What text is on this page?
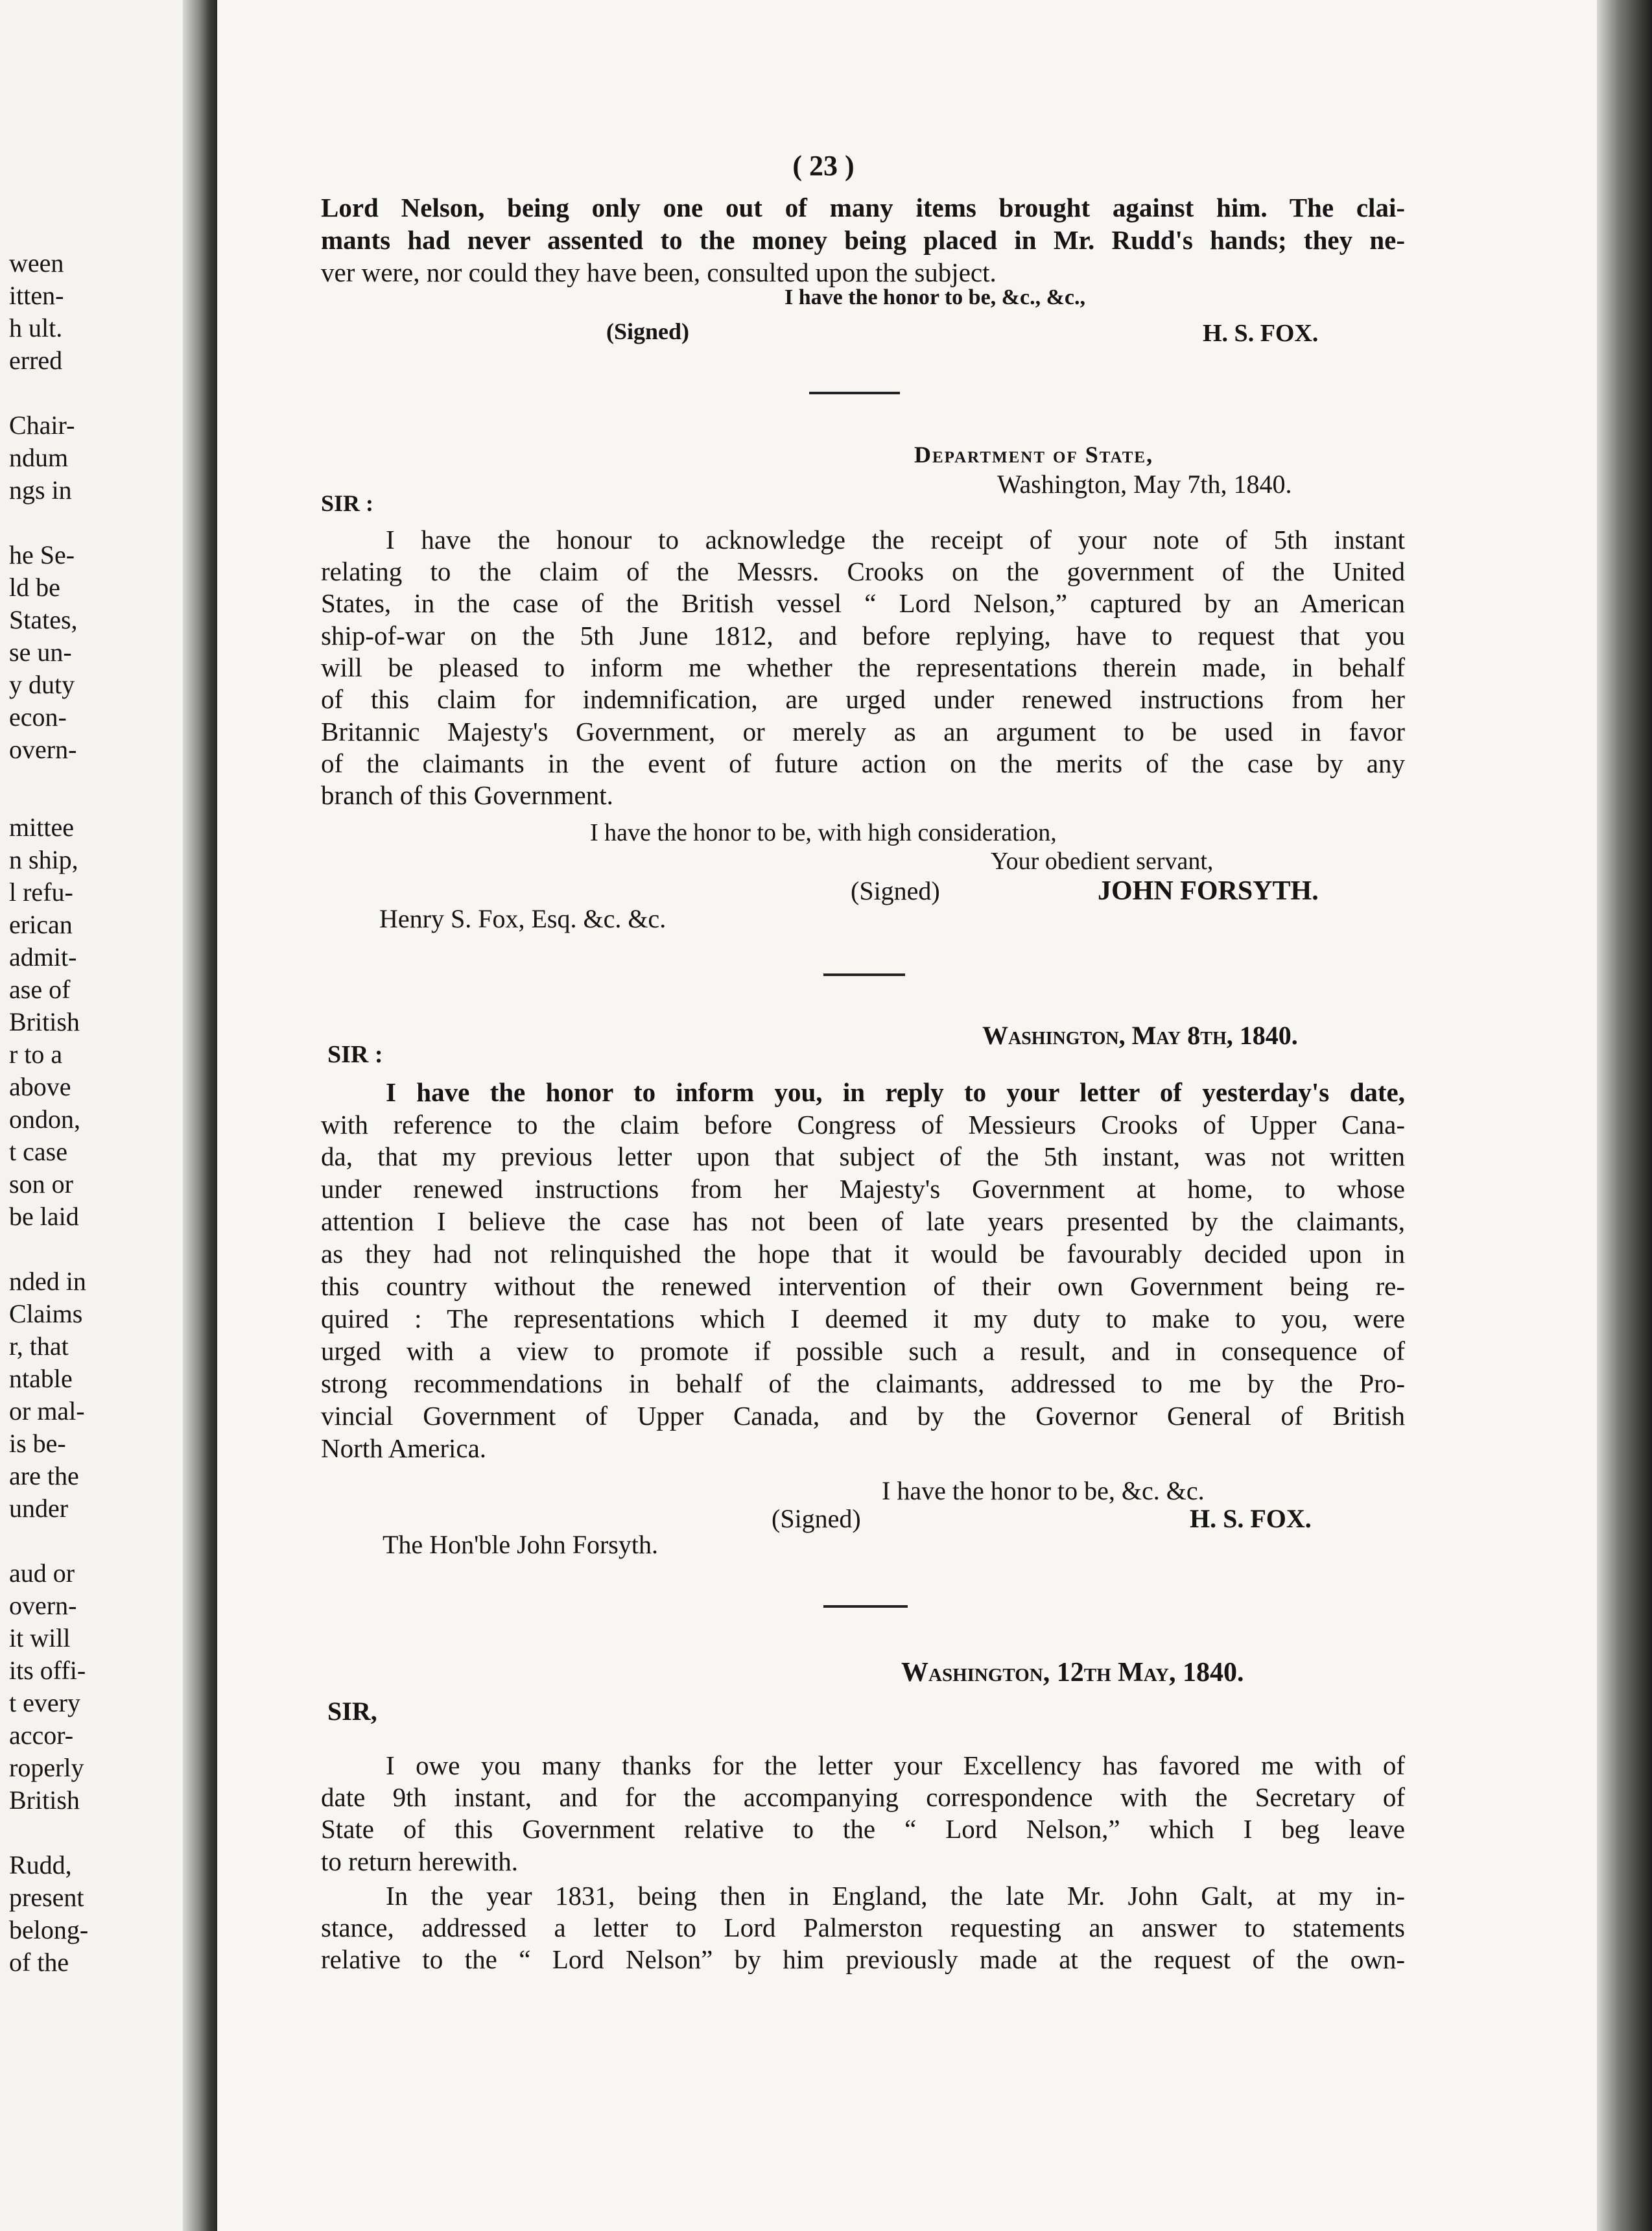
ween
itten-
h ult.
erred
Chair-
ndum
ngs in
he Se-
ld be
States,
se un-
y duty
econ-
overn-
mittee
n ship,
l refu-
erican
admit-
ase of
British
r to a
above
ondon,
t case
son or
be laid
nded in
Claims
r, that
ntable
or mal-
is be-
are the
under
aud or
overn-
it will
its offi-
t every
accor-
roperly
British
Rudd,
present
belong-
of the
( 23 )
Lord Nelson, being only one out of many items brought against him. The clai-
mants had never assented to the money being placed in Mr. Rudd's hands; they ne-
ver were, nor could they have been, consulted upon the subject.
I have the honor to be, &c., &c.,
(Signed)	H. S. FOX.
Department of State,
Washington, May 7th, 1840.
SIR :
I have the honour to acknowledge the receipt of your note of 5th instant
relating to the claim of the Messrs. Crooks on the government of the United
States, in the case of the British vessel “ Lord Nelson,” captured by an American
ship-of-war on the 5th June 1812, and before replying, have to request that you
will be pleased to inform me whether the representations therein made, in behalf
of this claim for indemnification, are urged under renewed instructions from her
Britannic Majesty's Government, or merely as an argument to be used in favor
of the claimants in the event of future action on the merits of the case by any
branch of this Government.
I have the honor to be, with high consideration,
Your obedient servant,
(Signed)	JOHN FORSYTH.
Henry S. Fox, Esq. &c. &c.
Washington, May 8th, 1840.
SIR :
I have the honor to inform you, in reply to your letter of yesterday's date,
with reference to the claim before Congress of Messieurs Crooks of Upper Cana-
da, that my previous letter upon that subject of the 5th instant, was not written
under renewed instructions from her Majesty's Government at home, to whose
attention I believe the case has not been of late years presented by the claimants,
as they had not relinquished the hope that it would be favourably decided upon in
this country without the renewed intervention of their own Government being re-
quired : The representations which I deemed it my duty to make to you, were
urged with a view to promote if possible such a result, and in consequence of
strong recommendations in behalf of the claimants, addressed to me by the Pro-
vincial Government of Upper Canada, and by the Governor General of British
North America.
I have the honor to be, &c. &c.
(Signed)	H. S. FOX.
The Hon'ble John Forsyth.
Washington, 12th May, 1840.
SIR,
I owe you many thanks for the letter your Excellency has favored me with of
date 9th instant, and for the accompanying correspondence with the Secretary of
State of this Government relative to the “ Lord Nelson,” which I beg leave
to return herewith.
In the year 1831, being then in England, the late Mr. John Galt, at my in-
stance, addressed a letter to Lord Palmerston requesting an answer to statements
relative to the “ Lord Nelson” by him previously made at the request of the own-
